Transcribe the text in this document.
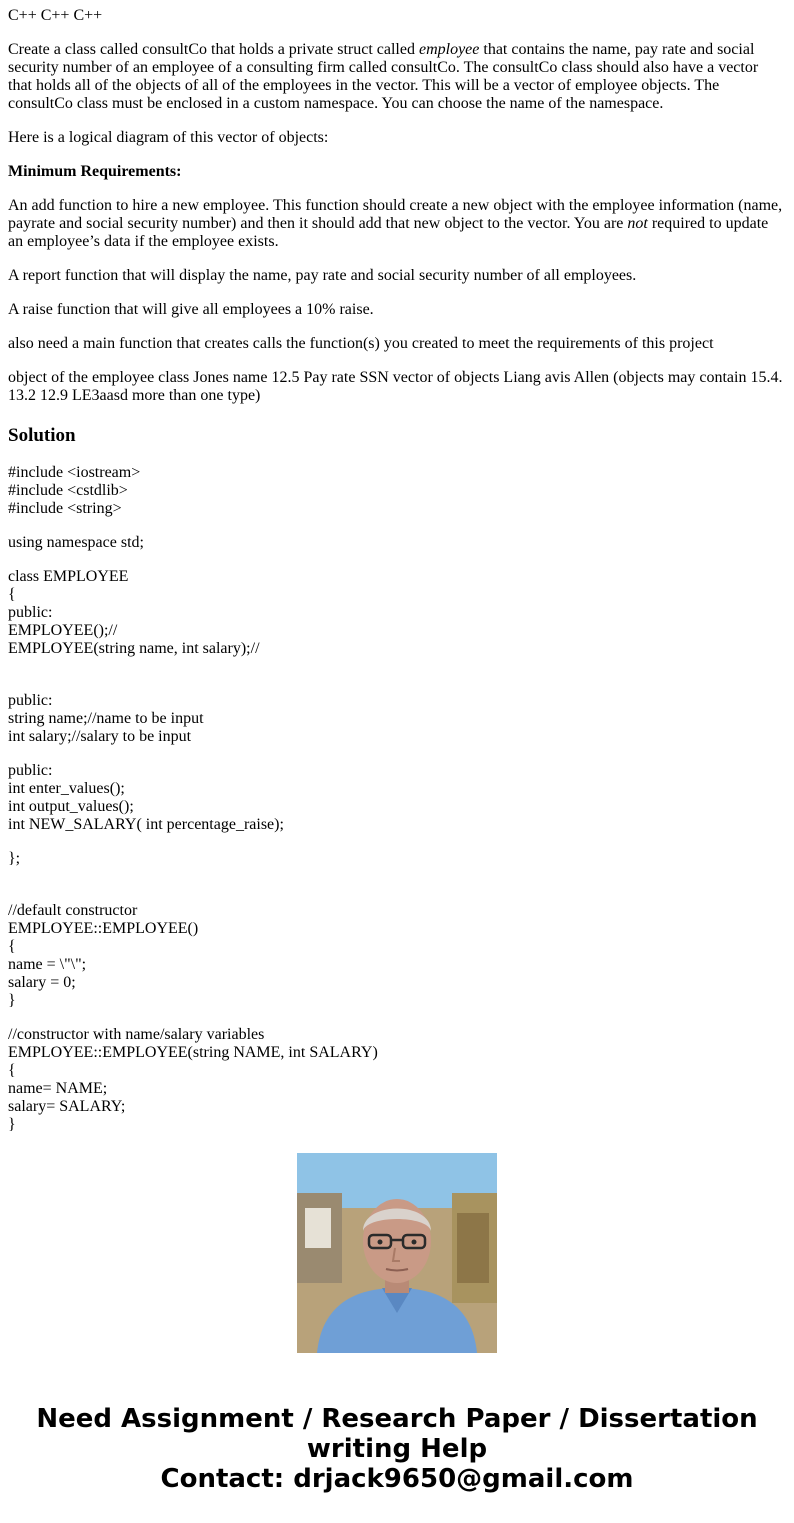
C++ C++ C++

Create a class called consultCo that holds a private struct called employee that contains the name, pay rate and social security number of an employee of a consulting firm called consultCo. The consultCo class should also have a vector that holds all of the objects of all of the employees in the vector. This will be a vector of employee objects. The consultCo class must be enclosed in a custom namespace. You can choose the name of the namespace.

Here is a logical diagram of this vector of objects:

Minimum Requirements:

An add function to hire a new employee. This function should create a new object with the employee information (name, payrate and social security number) and then it should add that new object to the vector. You are not required to update an employee’s data if the employee exists.

A report function that will display the name, pay rate and social security number of all employees.

A raise function that will give all employees a 10% raise.

also need a main function that creates calls the function(s) you created to meet the requirements of this project

object of the employee class Jones name 12.5 Pay rate SSN vector of objects Liang avis Allen (objects may contain 15.4. 13.2 12.9 LE3aasd more than one type)

Solution
#include <iostream>
#include <cstdlib>
#include <string>
using namespace std;
class EMPLOYEE
{
public:
EMPLOYEE();//
EMPLOYEE(string name, int salary);//
public:
string name;//name to be input
int salary;//salary to be input
public:
int enter_values();
int output_values();
int NEW_SALARY( int percentage_raise);
};
//default constructor
EMPLOYEE::EMPLOYEE()
{
name = \"\";
salary = 0;
}
//constructor with name/salary variables
EMPLOYEE::EMPLOYEE(string NAME, int SALARY)
{
name= NAME;
salary= SALARY;
}
Need Assignment / Research Paper / Dissertation
writing Help
Contact: drjack9650@gmail.com
